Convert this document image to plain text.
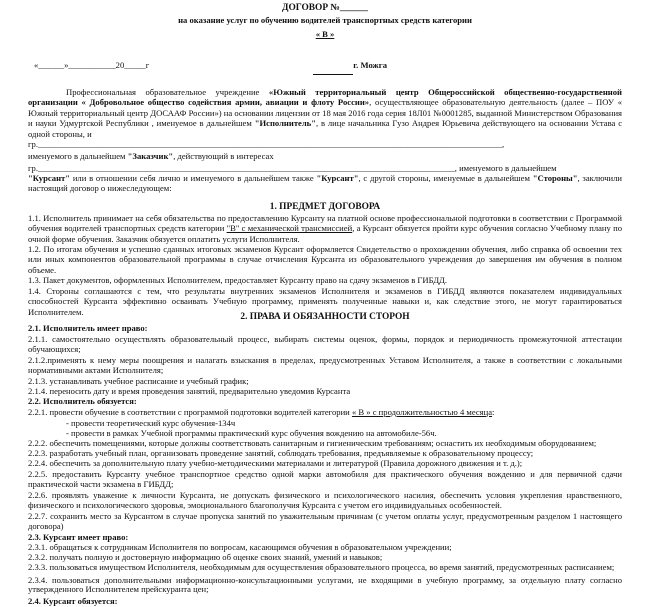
ДОГОВОР №______
на оказание услуг по обучению водителей транспортных средств категории
« В »
«______»___________20_____г	г. Можга

Профессиональная образовательное учреждение «Южный территориальный центр Общероссийской общественно-государственной организации « Добровольное общество содействия армии, авиации и флоту России», осуществляющее образовательную деятельность (далее – ПОУ « Южный территориальный центр ДОСААФ России») на основании лицензии от 18 мая 2016 года серия 18Л01 №0001285, выданной Министерством Образования и науки Удмуртской Республики , именуемое в дальнейшем "Исполнитель", в лице начальника Гузо Андрея Юрьевича действующего на основании Устава с одной стороны, и

гр.____________________________________________________________________________________________________________,

именуемого в дальнейшем "Заказчик", действующий в интересах

гр._________________________________________________________________________________________________, именуемого в дальнейшем

"Курсант" или в отношении себя лично и именуемого в дальнейшем также "Курсант", с другой стороны, именуемые в дальнейшем "Стороны", заключили настоящий договор о нижеследующем:

1. ПРЕДМЕТ ДОГОВОРА

1.1. Исполнитель принимает на себя обязательства по предоставлению Курсанту на платной основе профессиональной подготовки в соответствии с Программой обучения водителей транспортных средств категории "В" с механической трансмиссией, а Курсант обязуется пройти курс обучения согласно Учебному плану по очной форме обучения. Заказчик обязуется оплатить услуги Исполнителя.

1.2. По итогам обучения и успешно сданных итоговых экзаменов Курсант оформляется Свидетельство о прохождении обучения, либо справка об освоении тех или иных компонентов образовательной программы в случае отчисления Курсанта из образовательного учреждения до завершения им обучения в полном объеме.

1.3. Пакет документов, оформленных Исполнителем, предоставляет Курсанту право на сдачу экзаменов в ГИБДД.

1.4. Стороны соглашаются с тем, что результаты внутренних экзаменов Исполнителя и экзаменов в ГИБДД являются показателем индивидуальных способностей Курсанта эффективно осваивать Учебную программу, применять полученные навыки и, как следствие этого, не могут гарантироваться Исполнителем.

2. ПРАВА И ОБЯЗАННОСТИ СТОРОН
2.1. Исполнитель имеет право:

2.1.1. самостоятельно осуществлять образовательный процесс, выбирать системы оценок, формы, порядок и периодичность промежуточной аттестации обучающихся;

2.1.2.применять к нему меры поощрения и налагать взыскания в пределах, предусмотренных Уставом Исполнителя, а также в соответствии с локальными нормативными актами Исполнителя;

2.1.3. устанавливать учебное расписание и учебный график;

2.1.4. переносить дату и время проведения занятий, предварительно уведомив Курсанта

2.2. Исполнитель обязуется:

2.2.1. провести обучение в соответствии с программой подготовки водителей категории « В » с продолжительностью 4 месяца:

- провести теоретический курс обучения-134ч

- провести в рамках Учебной программы практический курс обучения вождению на автомобиле-56ч.

2.2.2. обеспечить помещениями, которые должны соответствовать санитарным и гигиеническим требованиям; оснастить их необходимым оборудованием;

2.2.3. разработать учебный план, организовать проведение занятий, соблюдать требования, предъявляемые к образовательному процессу;

2.2.4. обеспечить за дополнительную плату учебно-методическими материалами и литературой (Правила дорожного движения и т. д.);

2.2.5. предоставить Курсанту учебное транспортное средство одной марки автомобиля для практического обучения вождению и для первичной сдачи практической части экзамена в ГИБДД;

2.2.6. проявлять уважение к личности Курсанта, не допускать физического и психологического насилия, обеспечить условия укрепления нравственного, физического и психологического здоровья, эмоционального благополучия Курсанта с учетом его индивидуальных особенностей.

2.2.7. сохранить место за Курсантом в случае пропуска занятий по уважительным причинам (с учетом оплаты услуг, предусмотренным разделом 1 настоящего договора)

2.3. Курсант имеет право:

2.3.1. обращаться к сотрудникам Исполнителя по вопросам, касающимся обучения в образовательном учреждении;

2.3.2. получать полную и достоверную информацию об оценке своих знаний, умений и навыков;

2.3.3. пользоваться имуществом Исполнителя, необходимым для осуществления образовательного процесса, во время занятий, предусмотренных расписанием;

2.3.4. пользоваться дополнительными информационно-консультационными услугами, не входящими в учебную программу, за отдельную плату согласно утвержденного Исполнителем прейскуранта цен;

2.4. Курсант обязуется:
